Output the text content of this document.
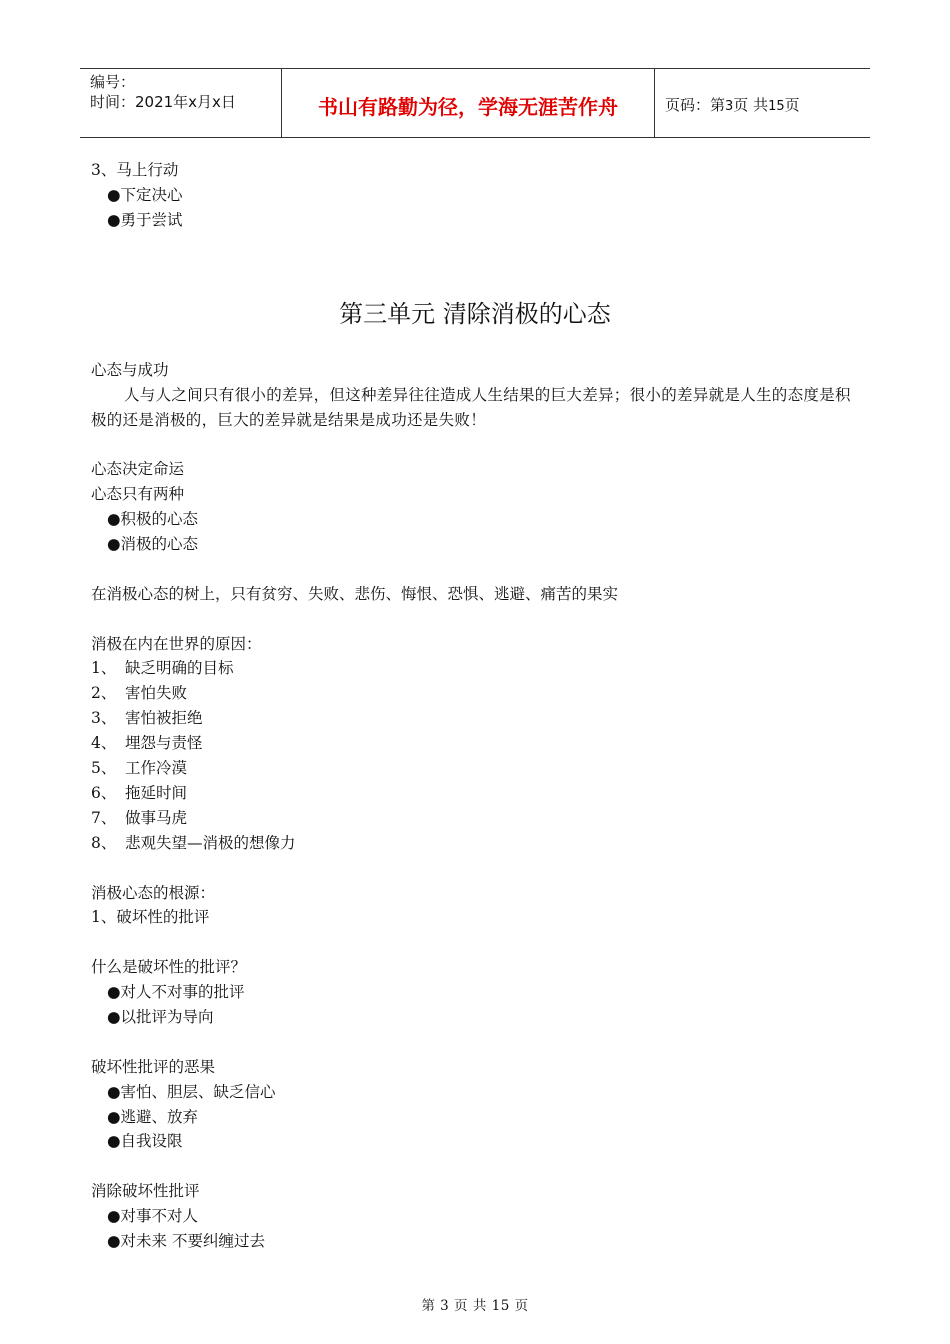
编号：
时间：2021年x月x日	书山有路勤为径，学海无涯苦作舟	页码：第3页 共15页
3、马上行动
●下定决心
●勇于尝试
第三单元 清除消极的心态
心态与成功
人与人之间只有很小的差异，但这种差异往往造成人生结果的巨大差异；很小的差异就是人生的态度是积极的还是消极的，巨大的差异就是结果是成功还是失败！
心态决定命运
心态只有两种
●积极的心态
●消极的心态
在消极心态的树上，只有贫穷、失败、悲伤、悔恨、恐惧、逃避、痛苦的果实
消极在内在世界的原因：
1、 缺乏明确的目标
2、 害怕失败
3、 害怕被拒绝
4、 埋怨与责怪
5、 工作冷漠
6、 拖延时间
7、 做事马虎
8、 悲观失望—消极的想像力
消极心态的根源：
1、破坏性的批评
什么是破坏性的批评？
●对人不对事的批评
●以批评为导向
破坏性批评的恶果
●害怕、胆层、缺乏信心
●逃避、放弃
●自我设限
消除破坏性批评
●对事不对人
●对未来 不要纠缠过去
第 3 页 共 15 页
